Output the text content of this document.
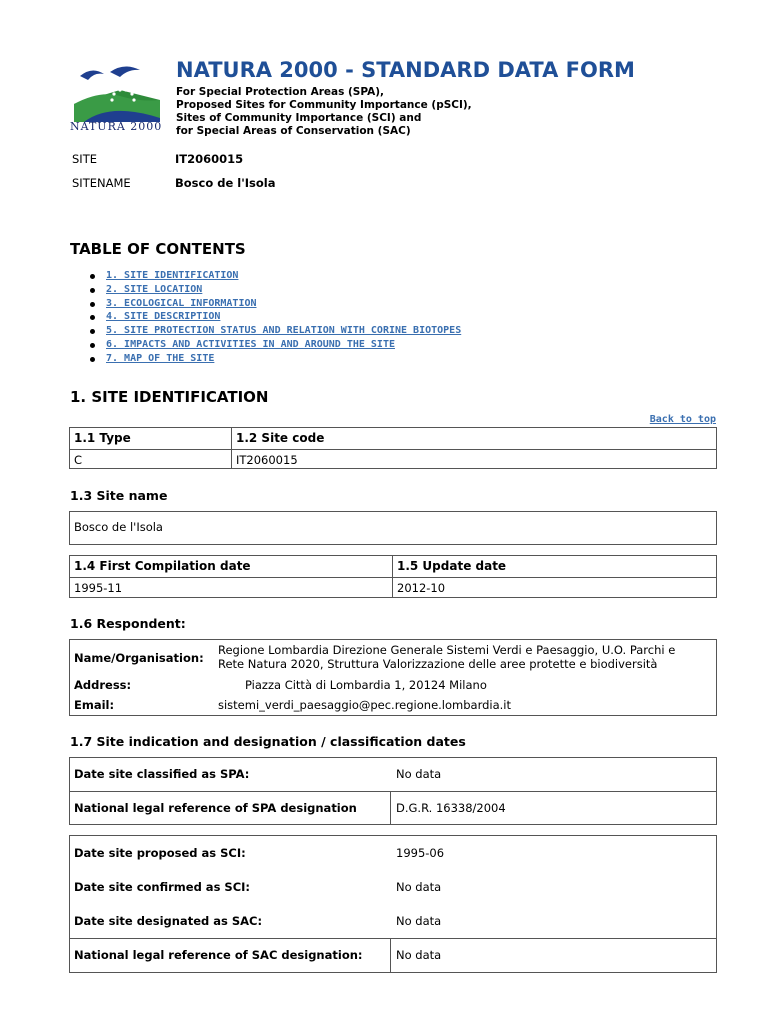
NATURA 2000
NATURA 2000 - STANDARD DATA FORM
For Special Protection Areas (SPA),
Proposed Sites for Community Importance (pSCI),
Sites of Community Importance (SCI) and
for Special Areas of Conservation (SAC)
SITE	IT2060015
SITENAME	Bosco de l'Isola
TABLE OF CONTENTS
1. SITE IDENTIFICATION
2. SITE LOCATION
3. ECOLOGICAL INFORMATION
4. SITE DESCRIPTION
5. SITE PROTECTION STATUS AND RELATION WITH CORINE BIOTOPES
6. IMPACTS AND ACTIVITIES IN AND AROUND THE SITE
7. MAP OF THE SITE
1. SITE IDENTIFICATION
Back to top
1.1 Type	1.2 Site code
C	IT2060015
1.3 Site name
Bosco de l'Isola
1.4 First Compilation date	1.5 Update date
1995-11	2012-10
1.6 Respondent:
Name/Organisation:
Regione Lombardia Direzione Generale Sistemi Verdi e Paesaggio, U.O. Parchi e
Rete Natura 2020, Struttura Valorizzazione delle aree protette e biodiversità
Address:	Piazza Città di Lombardia 1, 20124 Milano
Email:	sistemi_verdi_paesaggio@pec.regione.lombardia.it
1.7 Site indication and designation / classification dates
Date site classified as SPA:	No data
National legal reference of SPA designation	D.G.R. 16338/2004
Date site proposed as SCI:	1995-06
Date site confirmed as SCI:	No data
Date site designated as SAC:	No data
National legal reference of SAC designation:	No data
